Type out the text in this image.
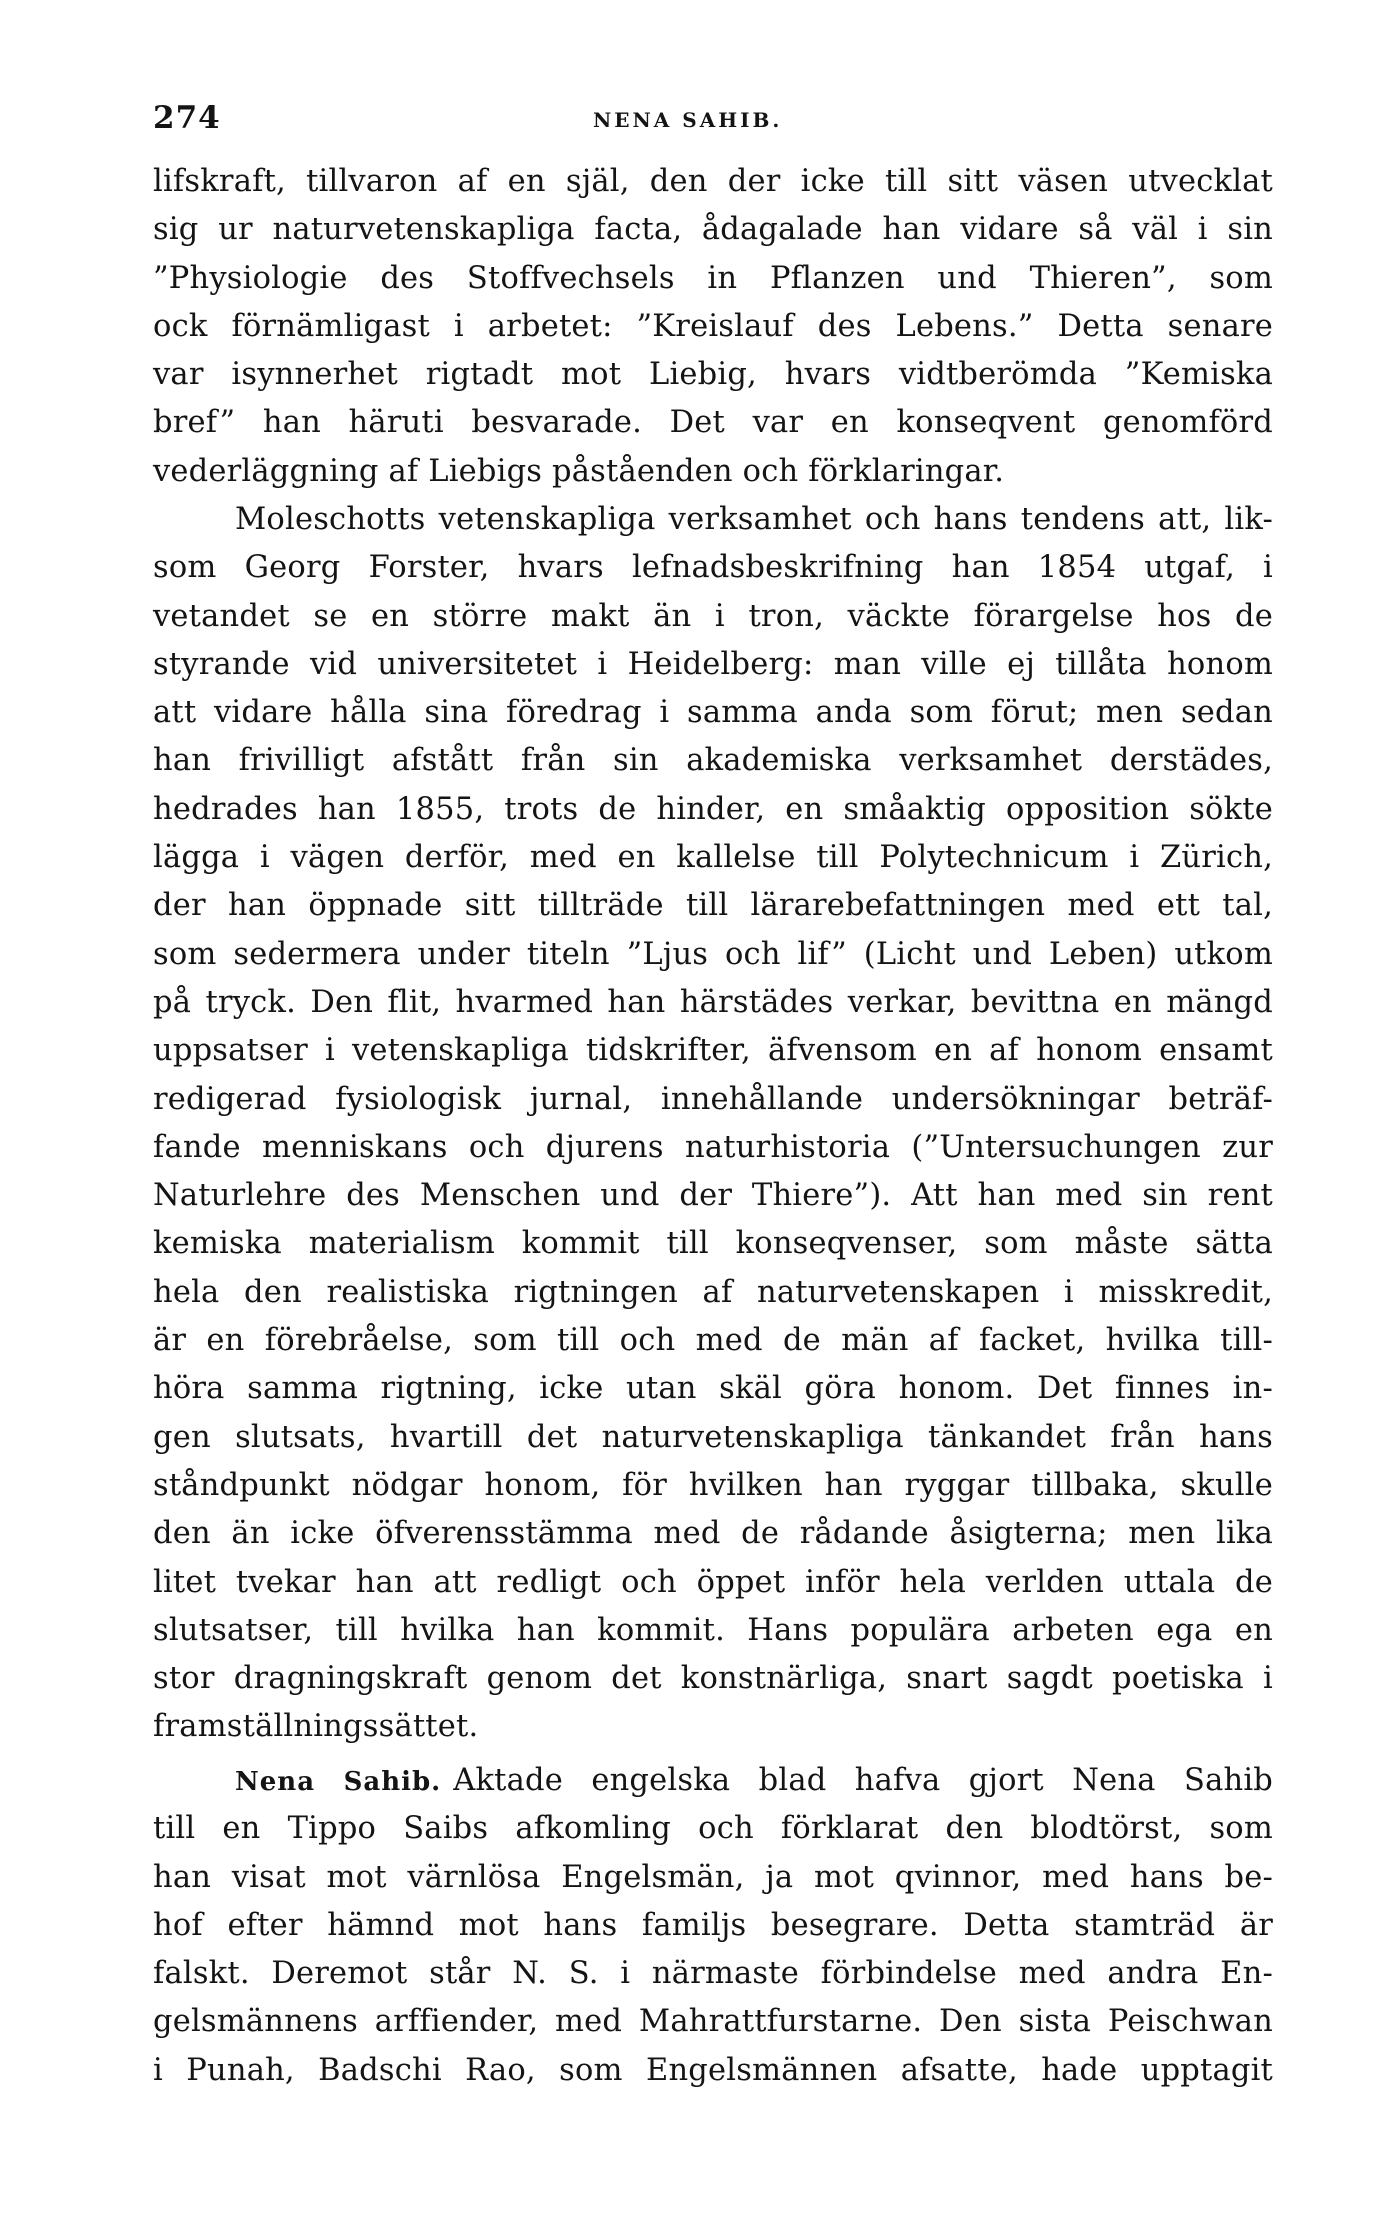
274	NENA SAHIB.
lifskraft, tillvaron af en själ, den der icke till sitt väsen utvecklat
sig ur naturvetenskapliga facta, ådagalade han vidare så väl i sin
”Physiologie des Stoffvechsels in Pflanzen und Thieren”, som
ock förnämligast i arbetet: ”Kreislauf des Lebens.” Detta senare
var isynnerhet rigtadt mot Liebig, hvars vidtberömda ”Kemiska
bref” han häruti besvarade. Det var en konseqvent genomförd
vederläggning af Liebigs påståenden och förklaringar.
Moleschotts vetenskapliga verksamhet och hans tendens att, lik-
som Georg Forster, hvars lefnadsbeskrifning han 1854 utgaf, i
vetandet se en större makt än i tron, väckte förargelse hos de
styrande vid universitetet i Heidelberg: man ville ej tillåta honom
att vidare hålla sina föredrag i samma anda som förut; men sedan
han frivilligt afstått från sin akademiska verksamhet derstädes,
hedrades han 1855, trots de hinder, en småaktig opposition sökte
lägga i vägen derför, med en kallelse till Polytechnicum i Zürich,
der han öppnade sitt tillträde till lärarebefattningen med ett tal,
som sedermera under titeln ”Ljus och lif” (Licht und Leben) utkom
på tryck. Den flit, hvarmed han härstädes verkar, bevittna en mängd
uppsatser i vetenskapliga tidskrifter, äfvensom en af honom ensamt
redigerad fysiologisk jurnal, innehållande undersökningar beträf-
fande menniskans och djurens naturhistoria (”Untersuchungen zur
Naturlehre des Menschen und der Thiere”). Att han med sin rent
kemiska materialism kommit till konseqvenser, som måste sätta
hela den realistiska rigtningen af naturvetenskapen i misskredit,
är en förebråelse, som till och med de män af facket, hvilka till-
höra samma rigtning, icke utan skäl göra honom. Det finnes in-
gen slutsats, hvartill det naturvetenskapliga tänkandet från hans
ståndpunkt nödgar honom, för hvilken han ryggar tillbaka, skulle
den än icke öfverensstämma med de rådande åsigterna; men lika
litet tvekar han att redligt och öppet inför hela verlden uttala de
slutsatser, till hvilka han kommit. Hans populära arbeten ega en
stor dragningskraft genom det konstnärliga, snart sagdt poetiska i
framställningssättet.
Nena Sahib. Aktade engelska blad hafva gjort Nena Sahib
till en Tippo Saibs afkomling och förklarat den blodtörst, som
han visat mot värnlösa Engelsmän, ja mot qvinnor, med hans be-
hof efter hämnd mot hans familjs besegrare. Detta stamträd är
falskt. Deremot står N. S. i närmaste förbindelse med andra En-
gelsmännens arffiender, med Mahrattfurstarne. Den sista Peischwan
i Punah, Badschi Rao, som Engelsmännen afsatte, hade upptagit
